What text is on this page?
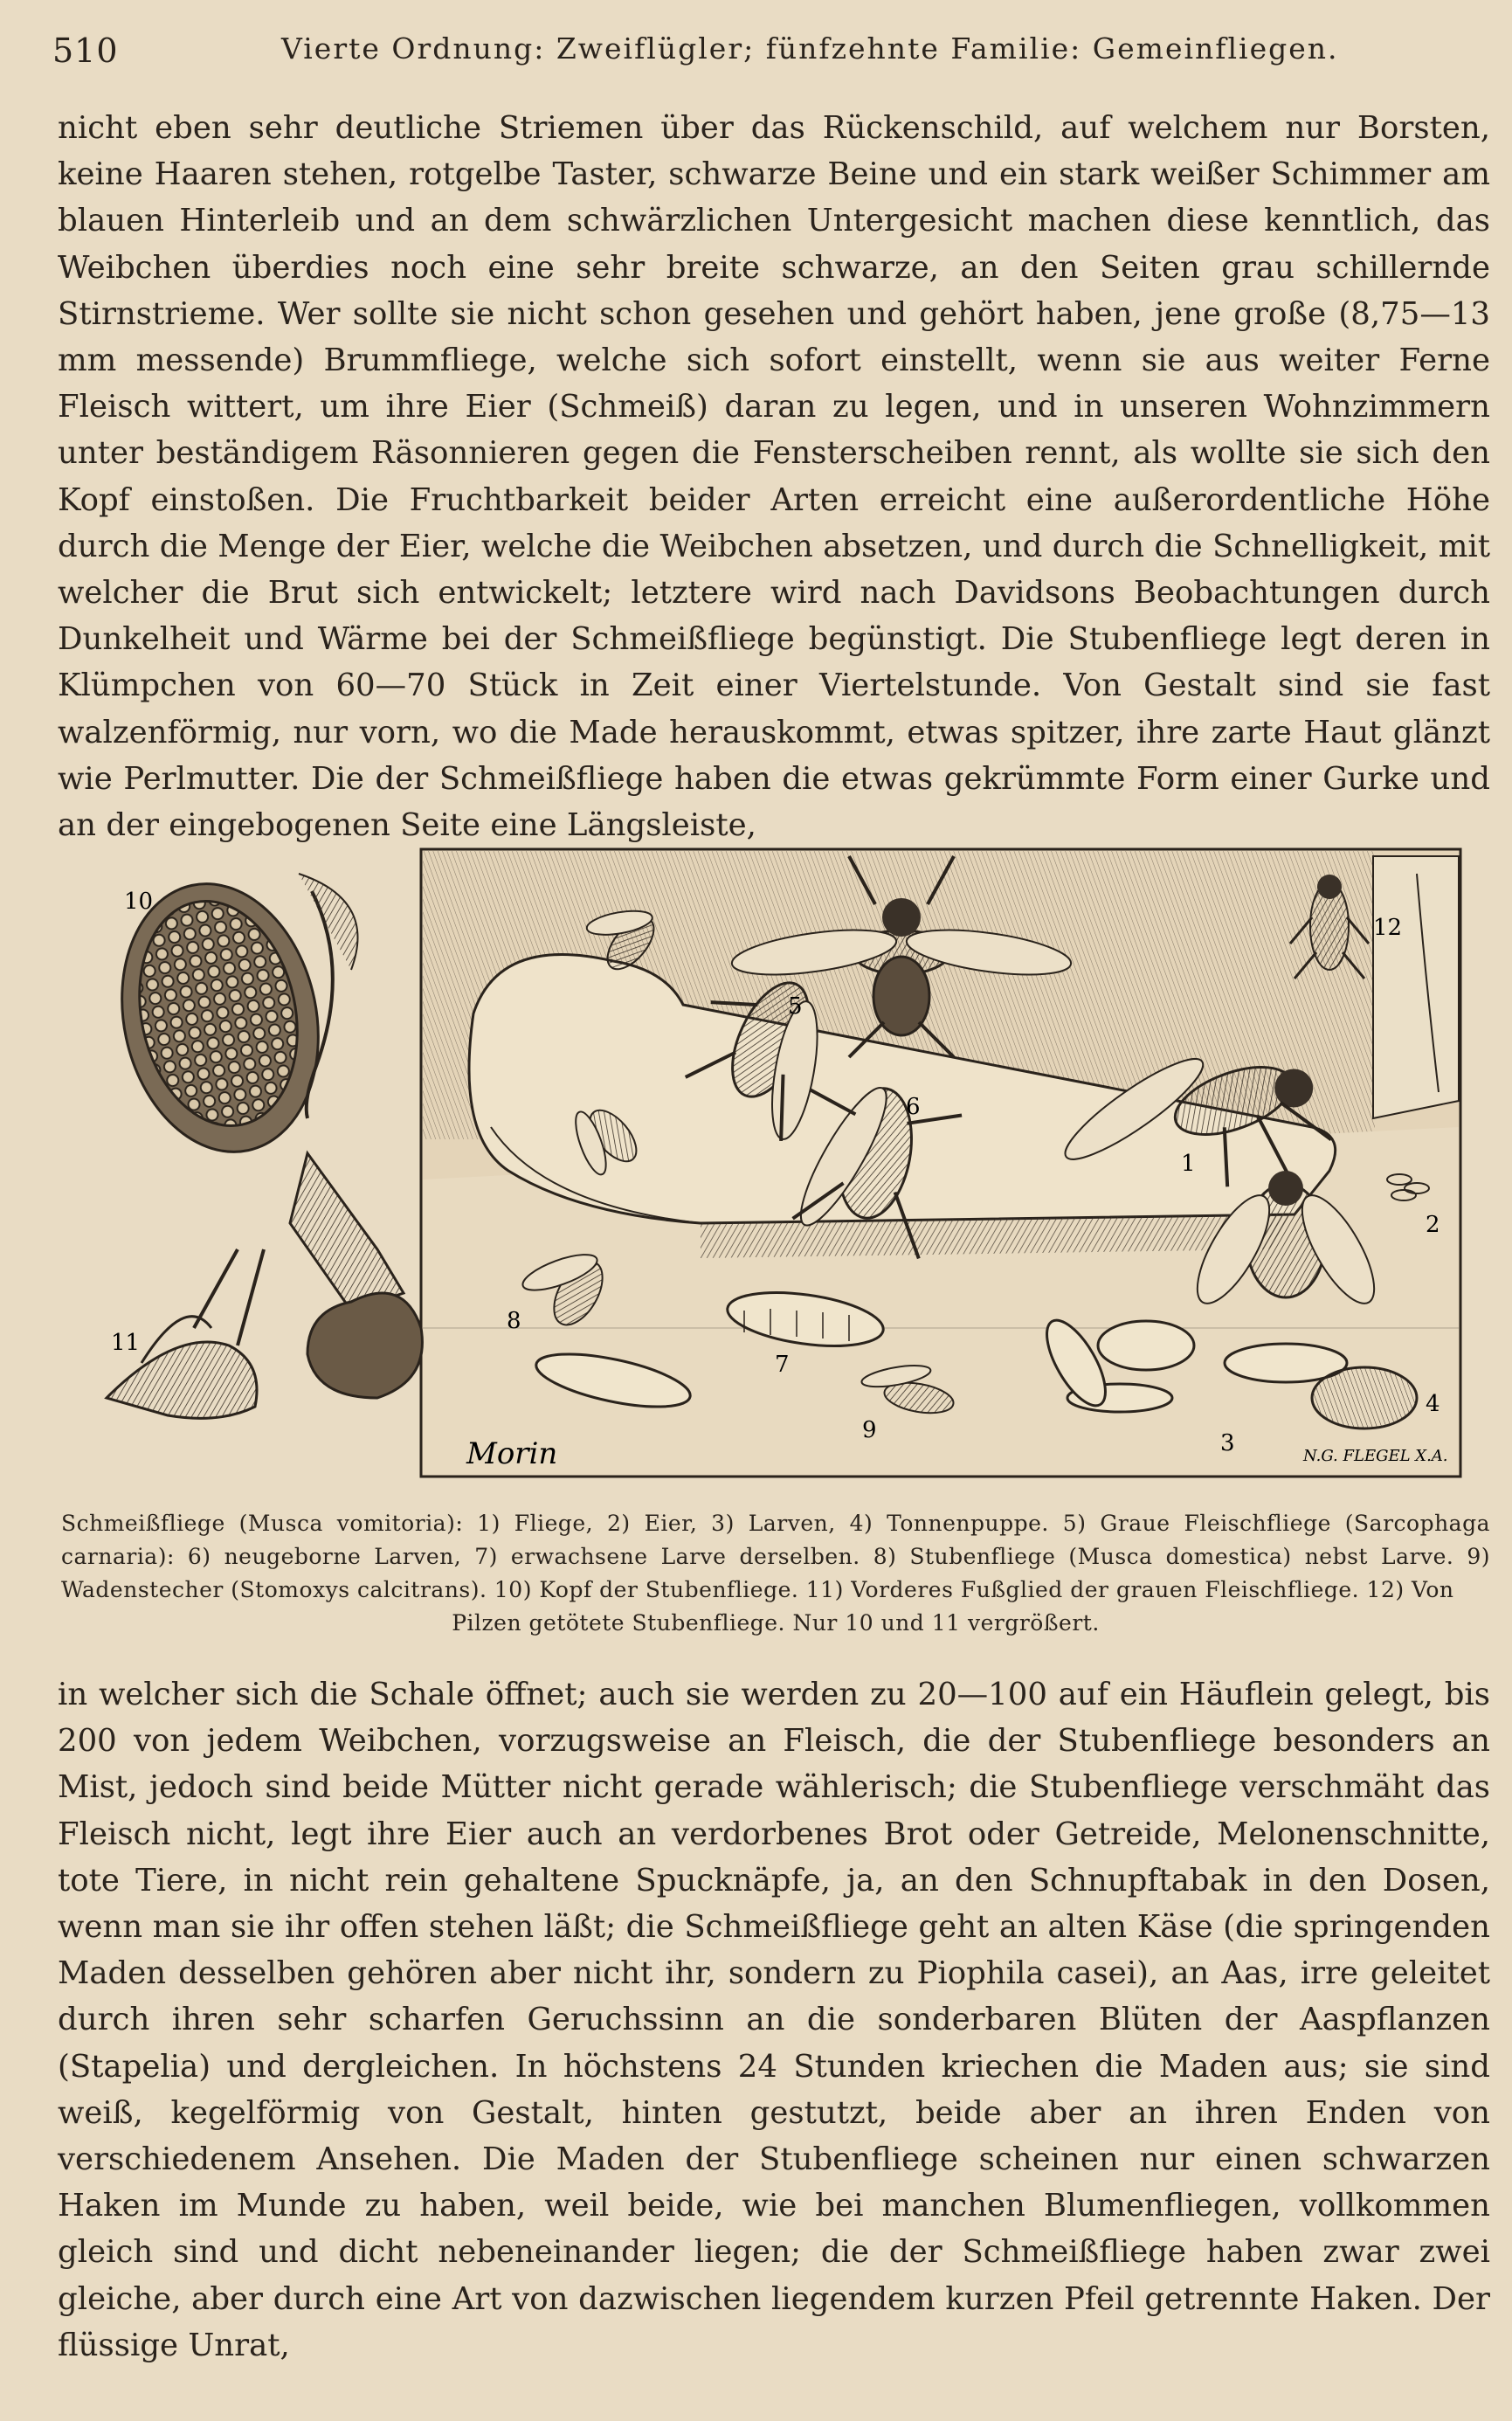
510	Vierte Ordnung: Zweiflügler; fünfzehnte Familie: Gemeinfliegen.

nicht eben sehr deutliche Striemen über das Rückenschild, auf welchem nur Borsten, keine Haaren stehen, rotgelbe Taster, schwarze Beine und ein stark weißer Schimmer am blauen Hinterleib und an dem schwärzlichen Untergesicht machen diese kenntlich, das Weibchen überdies noch eine sehr breite schwarze, an den Seiten grau schillernde Stirnstrieme. Wer sollte sie nicht schon gesehen und gehört haben, jene große (8,75—13 mm messende) Brummfliege, welche sich sofort einstellt, wenn sie aus weiter Ferne Fleisch wittert, um ihre Eier (Schmeiß) daran zu legen, und in unseren Wohnzimmern unter beständigem Räsonnieren gegen die Fensterscheiben rennt, als wollte sie sich den Kopf einstoßen. Die Fruchtbarkeit beider Arten erreicht eine außerordentliche Höhe durch die Menge der Eier, welche die Weibchen absetzen, und durch die Schnelligkeit, mit welcher die Brut sich entwickelt; letztere wird nach Davidsons Beobachtungen durch Dunkelheit und Wärme bei der Schmeißfliege begünstigt. Die Stubenfliege legt deren in Klümpchen von 60—70 Stück in Zeit einer Viertelstunde. Von Gestalt sind sie fast walzenförmig, nur vorn, wo die Made herauskommt, etwas spitzer, ihre zarte Haut glänzt wie Perlmutter. Die der Schmeißfliege haben die etwas gekrümmte Form einer Gurke und an der eingebogenen Seite eine Längsleiste,

1
2
3
4
5
6
7
8
9
10
11
12
Morin	N.G. FLEGEL X.A.
Schmeißfliege (Musca vomitoria): 1) Fliege, 2) Eier, 3) Larven, 4) Tonnenpuppe. 5) Graue Fleischfliege (Sarcophaga carnaria): 6) neugeborne Larven, 7) erwachsene Larve derselben. 8) Stubenfliege (Musca domestica) nebst Larve. 9) Wadenstecher (Stomoxys calcitrans). 10) Kopf der Stubenfliege. 11) Vorderes Fußglied der grauen Fleischfliege. 12) Von
Pilzen getötete Stubenfliege. Nur 10 und 11 vergrößert.

in welcher sich die Schale öffnet; auch sie werden zu 20—100 auf ein Häuflein gelegt, bis 200 von jedem Weibchen, vorzugsweise an Fleisch, die der Stubenfliege besonders an Mist, jedoch sind beide Mütter nicht gerade wählerisch; die Stubenfliege verschmäht das Fleisch nicht, legt ihre Eier auch an verdorbenes Brot oder Getreide, Melonenschnitte, tote Tiere, in nicht rein gehaltene Spucknäpfe, ja, an den Schnupftabak in den Dosen, wenn man sie ihr offen stehen läßt; die Schmeißfliege geht an alten Käse (die springenden Maden desselben gehören aber nicht ihr, sondern zu Piophila casei), an Aas, irre geleitet durch ihren sehr scharfen Geruchssinn an die sonderbaren Blüten der Aaspflanzen (Stapelia) und dergleichen. In höchstens 24 Stunden kriechen die Maden aus; sie sind weiß, kegelförmig von Gestalt, hinten gestutzt, beide aber an ihren Enden von verschiedenem Ansehen. Die Maden der Stubenfliege scheinen nur einen schwarzen Haken im Munde zu haben, weil beide, wie bei manchen Blumenfliegen, vollkommen gleich sind und dicht nebeneinander liegen; die der Schmeißfliege haben zwar zwei gleiche, aber durch eine Art von dazwischen liegendem kurzen Pfeil getrennte Haken. Der flüssige Unrat,
